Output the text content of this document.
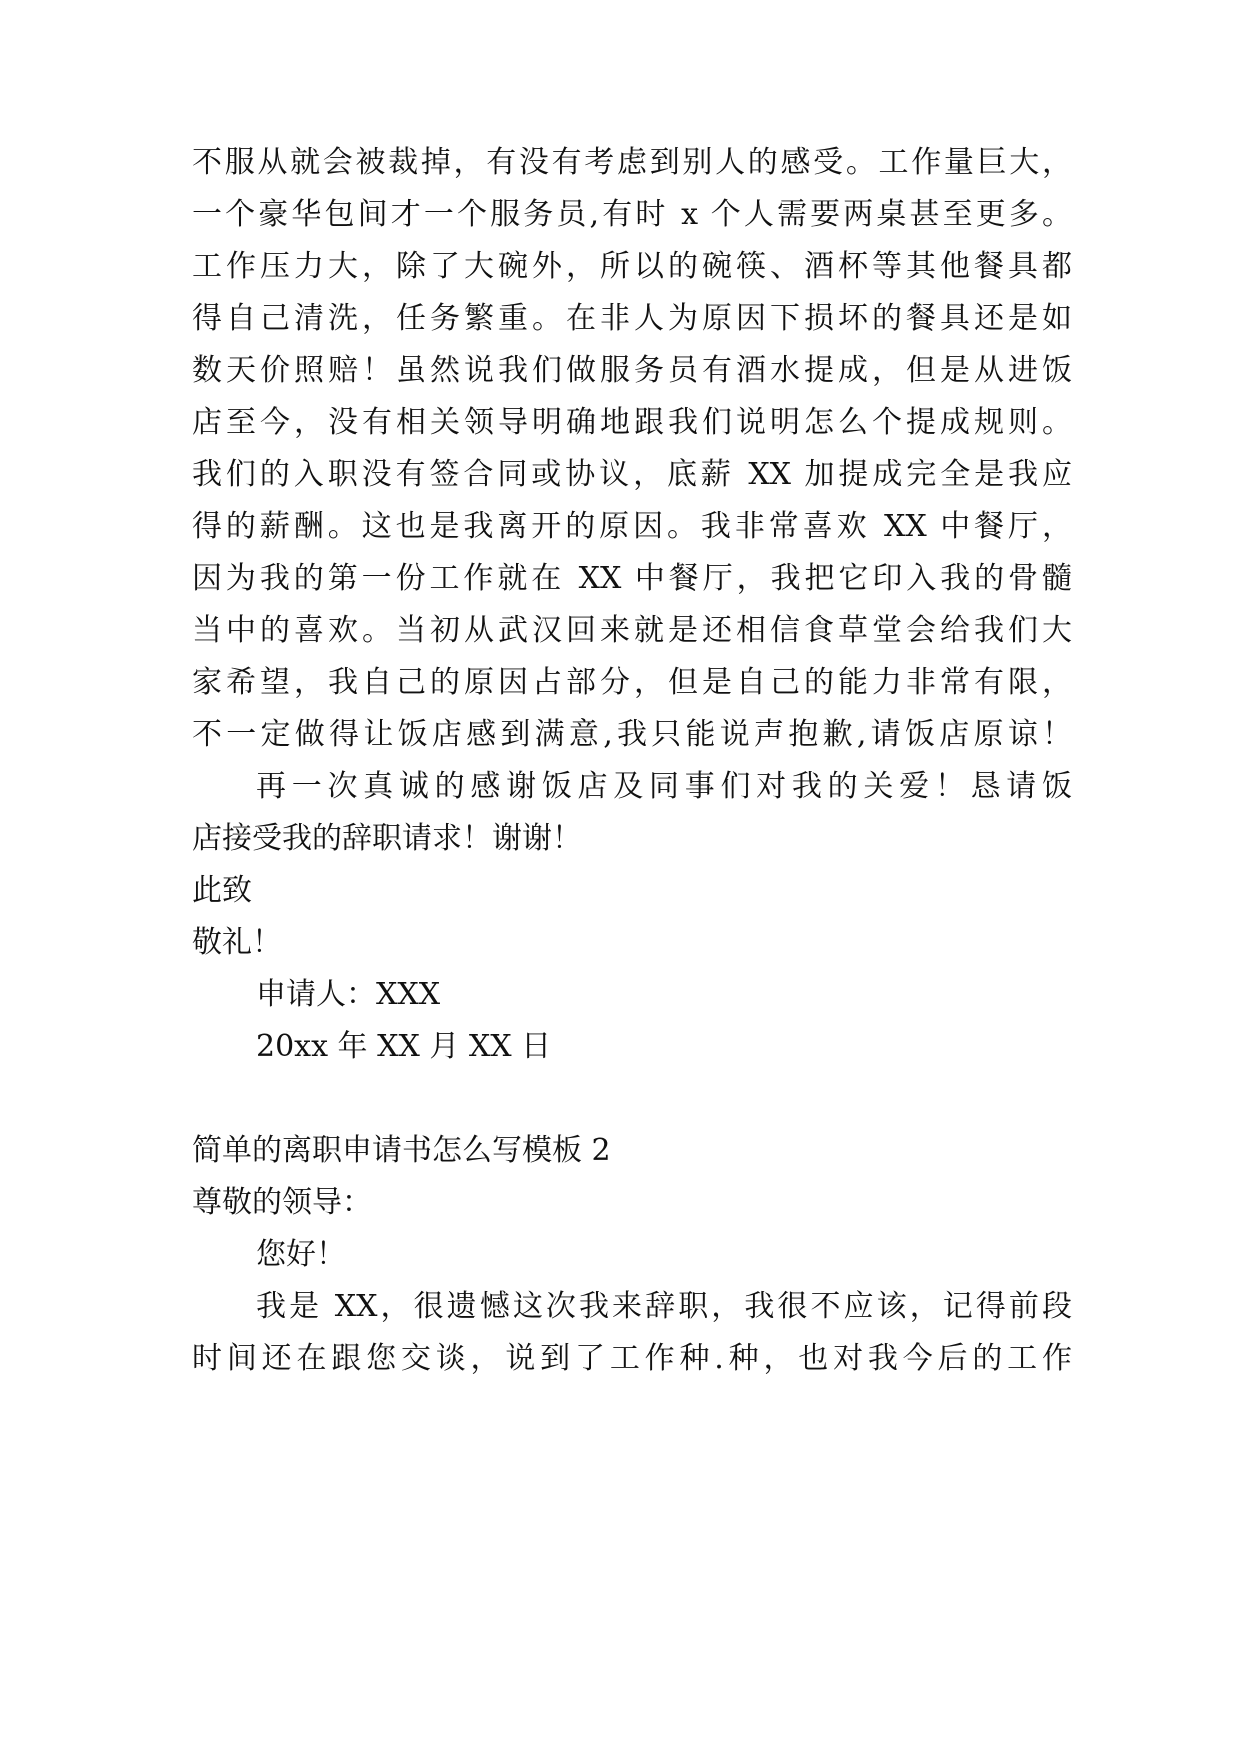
不服从就会被裁掉，有没有考虑到别人的感受。工作量巨大，
一个豪华包间才一个服务员,有时 x 个人需要两桌甚至更多。
工作压力大，除了大碗外，所以的碗筷、酒杯等其他餐具都
得自己清洗，任务繁重。在非人为原因下损坏的餐具还是如
数天价照赔！虽然说我们做服务员有酒水提成，但是从进饭
店至今，没有相关领导明确地跟我们说明怎么个提成规则。
我们的入职没有签合同或协议，底薪 XX 加提成完全是我应
得的薪酬。这也是我离开的原因。我非常喜欢 XX 中餐厅，
因为我的第一份工作就在 XX 中餐厅，我把它印入我的骨髓
当中的喜欢。当初从武汉回来就是还相信食草堂会给我们大
家希望，我自己的原因占部分，但是自己的能力非常有限，
不一定做得让饭店感到满意,我只能说声抱歉,请饭店原谅！
再一次真诚的感谢饭店及同事们对我的关爱！恳请饭
店接受我的辞职请求！谢谢！
此致
敬礼！
申请人：XXX
20xx 年 XX 月 XX 日
简单的离职申请书怎么写模板 2
尊敬的领导：
您好！
我是 XX，很遗憾这次我来辞职，我很不应该，记得前段
时间还在跟您交谈，说到了工作种.种，也对我今后的工作
